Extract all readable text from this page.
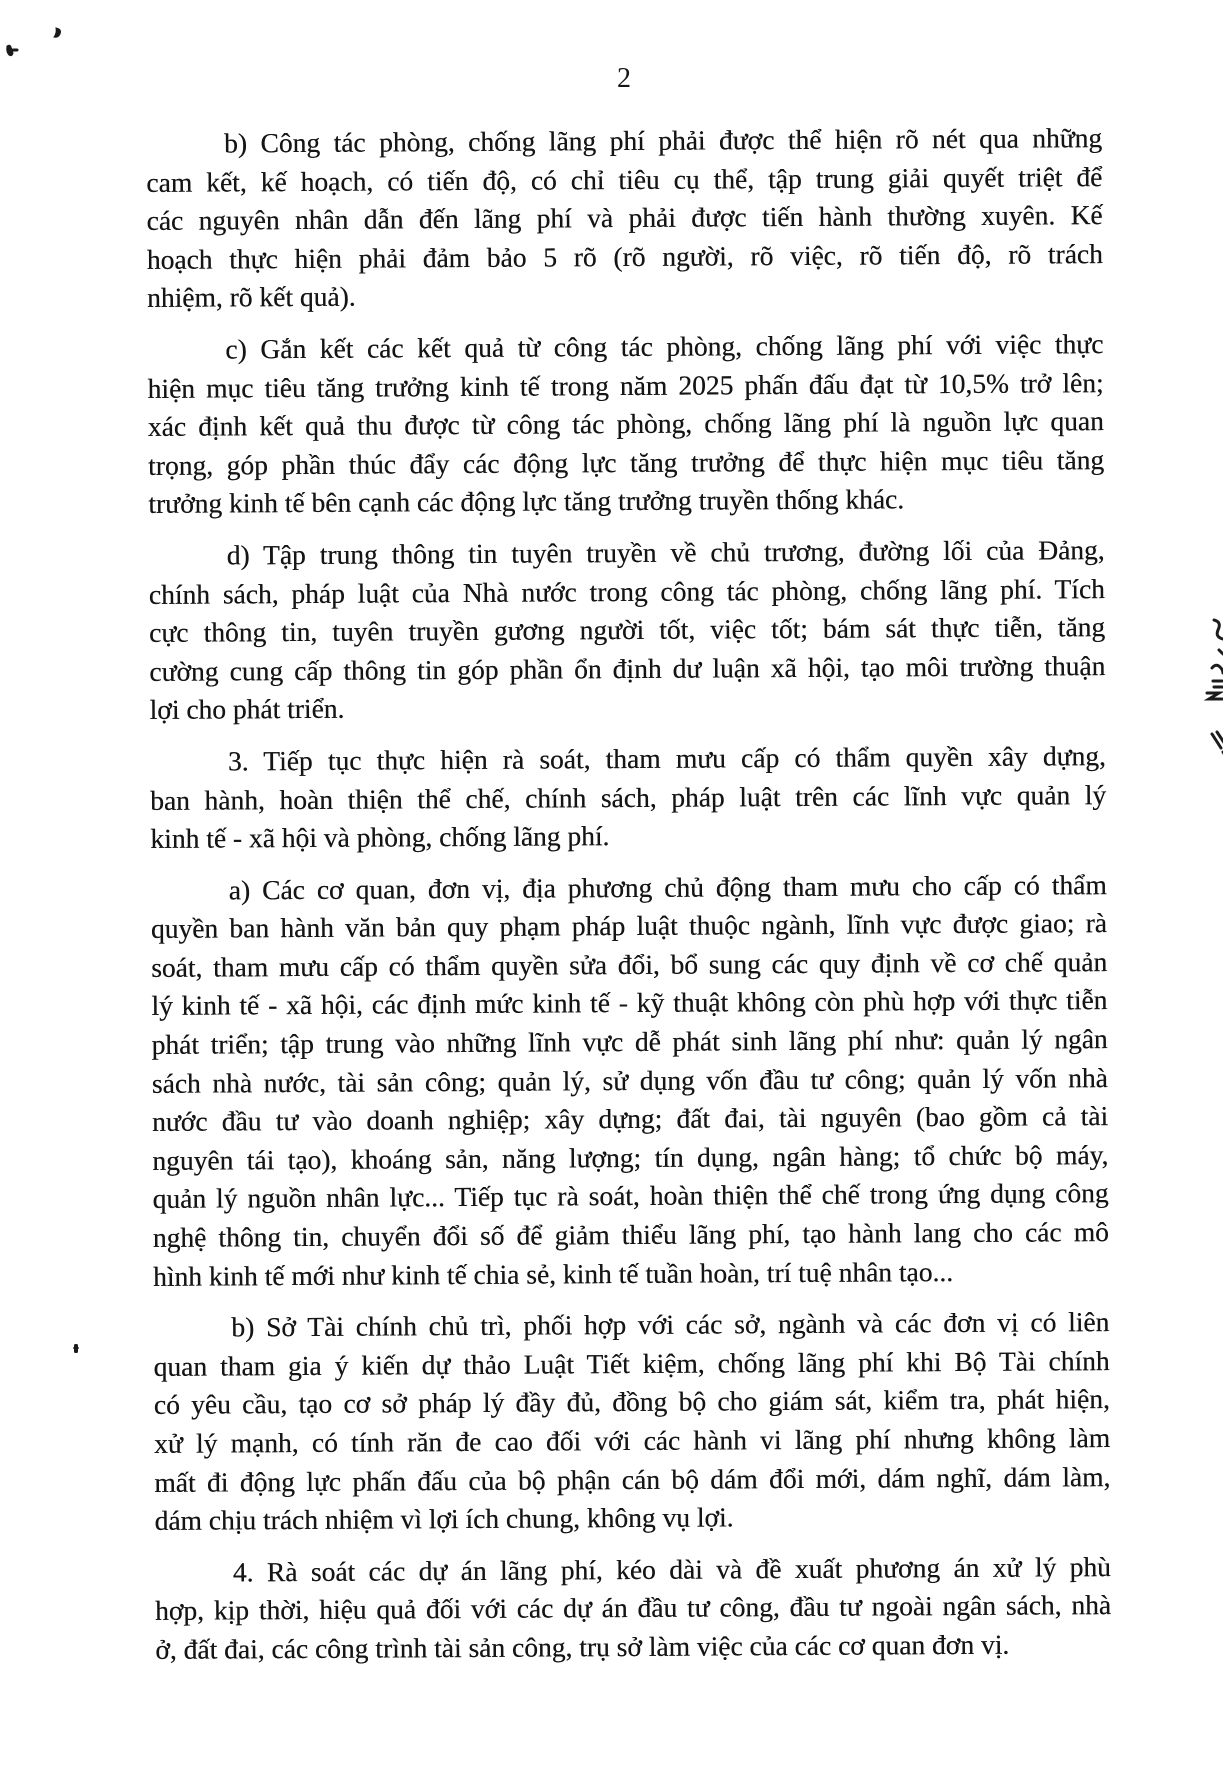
2
b) Công tác phòng, chống lãng phí phải được thể hiện rõ nét qua những
cam kết, kế hoạch, có tiến độ, có chỉ tiêu cụ thể, tập trung giải quyết triệt để
các nguyên nhân dẫn đến lãng phí và phải được tiến hành thường xuyên. Kế
hoạch thực hiện phải đảm bảo 5 rõ (rõ người, rõ việc, rõ tiến độ, rõ trách
nhiệm, rõ kết quả).
c) Gắn kết các kết quả từ công tác phòng, chống lãng phí với việc thực
hiện mục tiêu tăng trưởng kinh tế trong năm 2025 phấn đấu đạt từ 10,5% trở lên;
xác định kết quả thu được từ công tác phòng, chống lãng phí là nguồn lực quan
trọng, góp phần thúc đẩy các động lực tăng trưởng để thực hiện mục tiêu tăng
trưởng kinh tế bên cạnh các động lực tăng trưởng truyền thống khác.
d) Tập trung thông tin tuyên truyền về chủ trương, đường lối của Đảng,
chính sách, pháp luật của Nhà nước trong công tác phòng, chống lãng phí. Tích
cực thông tin, tuyên truyền gương người tốt, việc tốt; bám sát thực tiễn, tăng
cường cung cấp thông tin góp phần ổn định dư luận xã hội, tạo môi trường thuận
lợi cho phát triển.
3. Tiếp tục thực hiện rà soát, tham mưu cấp có thẩm quyền xây dựng,
ban hành, hoàn thiện thể chế, chính sách, pháp luật trên các lĩnh vực quản lý
kinh tế - xã hội và phòng, chống lãng phí.
a) Các cơ quan, đơn vị, địa phương chủ động tham mưu cho cấp có thẩm
quyền ban hành văn bản quy phạm pháp luật thuộc ngành, lĩnh vực được giao; rà
soát, tham mưu cấp có thẩm quyền sửa đổi, bổ sung các quy định về cơ chế quản
lý kinh tế - xã hội, các định mức kinh tế - kỹ thuật không còn phù hợp với thực tiễn
phát triển; tập trung vào những lĩnh vực dễ phát sinh lãng phí như: quản lý ngân
sách nhà nước, tài sản công; quản lý, sử dụng vốn đầu tư công; quản lý vốn nhà
nước đầu tư vào doanh nghiệp; xây dựng; đất đai, tài nguyên (bao gồm cả tài
nguyên tái tạo), khoáng sản, năng lượng; tín dụng, ngân hàng; tổ chức bộ máy,
quản lý nguồn nhân lực... Tiếp tục rà soát, hoàn thiện thể chế trong ứng dụng công
nghệ thông tin, chuyển đổi số để giảm thiểu lãng phí, tạo hành lang cho các mô
hình kinh tế mới như kinh tế chia sẻ, kinh tế tuần hoàn, trí tuệ nhân tạo...
b) Sở Tài chính chủ trì, phối hợp với các sở, ngành và các đơn vị có liên
quan tham gia ý kiến dự thảo Luật Tiết kiệm, chống lãng phí khi Bộ Tài chính
có yêu cầu, tạo cơ sở pháp lý đầy đủ, đồng bộ cho giám sát, kiểm tra, phát hiện,
xử lý mạnh, có tính răn đe cao đối với các hành vi lãng phí nhưng không làm
mất đi động lực phấn đấu của bộ phận cán bộ dám đổi mới, dám nghĩ, dám làm,
dám chịu trách nhiệm vì lợi ích chung, không vụ lợi.
4. Rà soát các dự án lãng phí, kéo dài và đề xuất phương án xử lý phù
hợp, kịp thời, hiệu quả đối với các dự án đầu tư công, đầu tư ngoài ngân sách, nhà
ở, đất đai, các công trình tài sản công, trụ sở làm việc của các cơ quan đơn vị.
